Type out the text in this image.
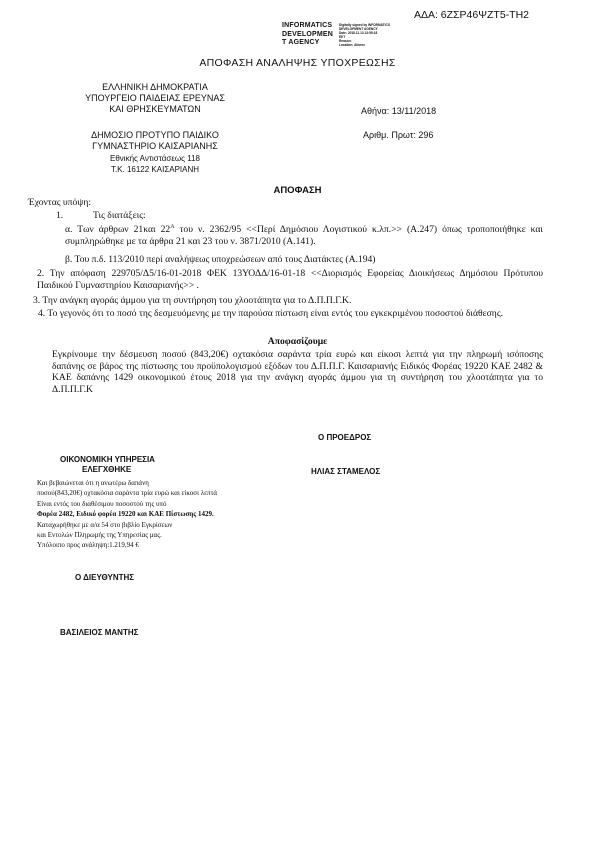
ΑΔΑ: 6ΖΣΡ46ΨΖΤ5-ΤΗ2
INFORMATICS
DEVELOPMEN
T AGENCY
Digitally signed by INFORMATICS
DEVELOPMENT AGENCY
Date: 2018.11.13 13:55:18
EET
Reason:
Location: Athens
ΑΠΟΦΑΣΗ ΑΝΑΛΗΨΗΣ ΥΠΟΧΡΕΩΣΗΣ
ΕΛΛΗΝΙΚΗ ΔΗΜΟΚΡΑΤΙΑ
ΥΠΟΥΡΓΕΙΟ ΠΑΙΔΕΙΑΣ ΕΡΕΥΝΑΣ
ΚΑΙ ΘΡΗΣΚΕΥΜΑΤΩΝ	Αθήνα: 13/11/2018
ΔΗΜΟΣΙΟ ΠΡΟΤΥΠΟ ΠΑΙΔΙΚΟ
ΓΥΜΝΑΣΤΗΡΙΟ ΚΑΙΣΑΡΙΑΝΗΣ
Αριθμ. Πρωτ: 296
Εθνικής Αντιστάσεως 118
Τ.Κ. 16122 ΚΑΙΣΑΡΙΑΝΗ
ΑΠΟΦΑΣΗ
Έχοντας υπόψη:
1.	Τις διατάξεις:
α. Των άρθρων 21και $22^A$ του ν. 2362/95 <<Περί Δημόσιου Λογιστικού κ.λπ.>> (Α.247) όπως τροποποιήθηκε και συμπληρώθηκε με τα άρθρα 21 και 23 του ν. 3871/2010 (Α.141).
β. Του π.δ. 113/2010 περί αναλήψεως υποχρεώσεων από τους Διατάκτες (Α.194)
2. Την απόφαση 229705/Δ5/16-01-2018 ΦΕΚ 13ΥΟΔΔ/16-01-18 <<Διορισμός Εφορείας Διοικήσεως Δημόσιου Πρότυπου Παιδικού Γυμναστηρίου Καισαριανής>> .
3. Την ανάγκη αγοράς άμμου για τη συντήρηση του χλοοτάπητα για το Δ.Π.Π.Γ.Κ.
4. Το γεγονός ότι το ποσό της δεσμευόμενης με την παρούσα πίστωση είναι εντός του εγκεκριμένου ποσοστού διάθεσης.
Αποφασίζουμε
Εγκρίνουμε την δέσμευση ποσού (843,20€) οχτακόσια σαράντα τρία ευρώ και είκοσι λεπτά για την πληρωμή ισόποσης δαπάνης σε βάρος της πίστωσης του προϋπολογισμού εξόδων του Δ.Π.Π.Γ. Καισαριανής Ειδικός Φορέας 19220 ΚΑΕ 2482 & ΚΑΕ δαπάνης 1429 οικονομικού έτους 2018 για την ανάγκη αγοράς άμμου για τη συντήρηση του χλοοτάπητα για το Δ.Π.Π.Γ.Κ
Ο ΠΡΟΕΔΡΟΣ
ΗΛΙΑΣ ΣΤΑΜΕΛΟΣ
ΟΙΚΟΝΟΜΙΚΗ ΥΠΗΡΕΣΙΑ
ΕΛΕΓΧΘΗΚΕ
Και βεβαιώνεται ότι η ανωτέρω δαπάνη
ποσού(843,20€) οχτακόσια σαράντα τρία ευρώ και είκοσι λεπτά
Είναι εντός του διαθέσιμου ποσοστού της υπό
Φορέα 2482, Ειδικό φορέα 19220 και ΚΑΕ Πίστωσης 1429.
Καταχωρήθηκε με α/α 54 στο βιβλίο Εγκρίσεων
και Εντολών Πληρωμής της Υπηρεσίας μας.
Υπόλοιπο προς ανάληψη:1.219,94 €
Ο ΔΙΕΥΘΥΝΤΗΣ
ΒΑΣΙΛΕΙΟΣ ΜΑΝΤΗΣ
